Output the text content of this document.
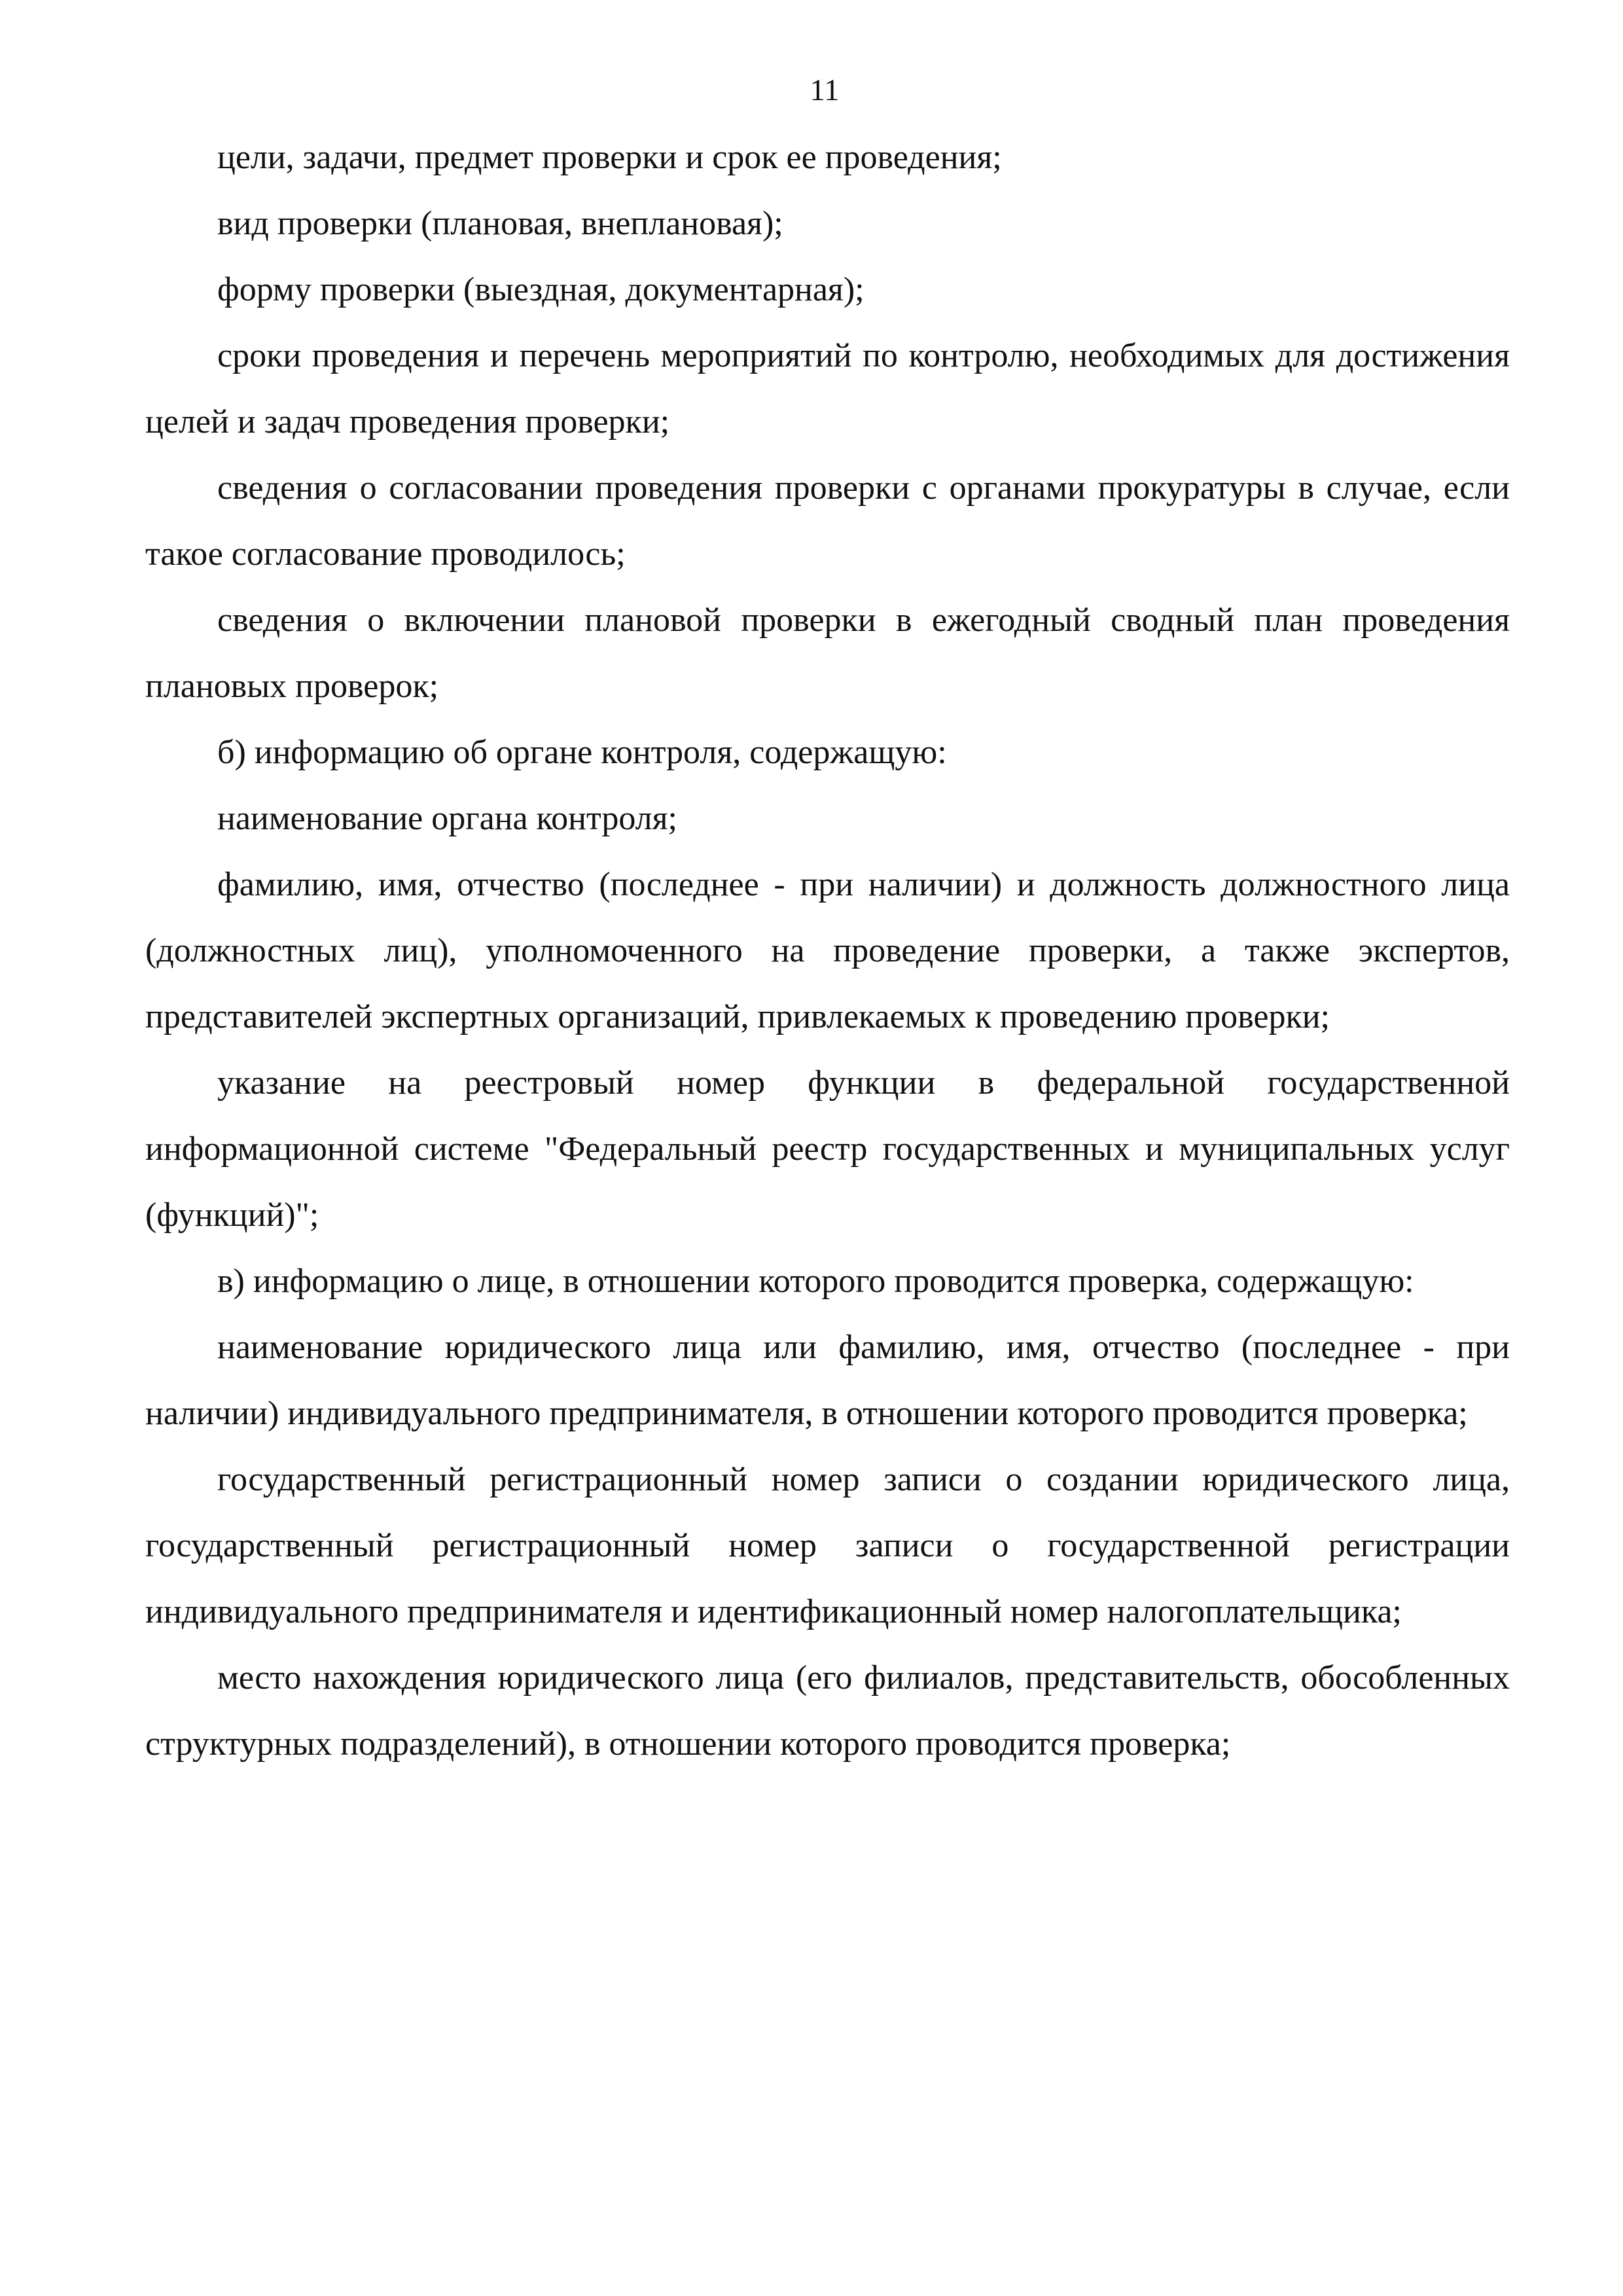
11

цели, задачи, предмет проверки и срок ее проведения;

вид проверки (плановая, внеплановая);

форму проверки (выездная, документарная);

сроки проведения и перечень мероприятий по контролю, необходимых для достижения целей и задач проведения проверки;

сведения о согласовании проведения проверки с органами прокуратуры в случае, если такое согласование проводилось;

сведения о включении плановой проверки в ежегодный сводный план проведения плановых проверок;

б) информацию об органе контроля, содержащую:

наименование органа контроля;

фамилию, имя, отчество (последнее - при наличии) и должность должностного лица (должностных лиц), уполномоченного на проведение проверки, а также экспертов, представителей экспертных организаций, привлекаемых к проведению проверки;

указание на реестровый номер функции в федеральной государственной информационной системе "Федеральный реестр государственных и муниципальных услуг (функций)";

в) информацию о лице, в отношении которого проводится проверка, содержащую:

наименование юридического лица или фамилию, имя, отчество (последнее - при наличии) индивидуального предпринимателя, в отношении которого проводится проверка;

государственный регистрационный номер записи о создании юридического лица, государственный регистрационный номер записи о государственной регистрации индивидуального предпринимателя и идентификационный номер налогоплательщика;

место нахождения юридического лица (его филиалов, представительств, обособленных структурных подразделений), в отношении которого проводится проверка;
